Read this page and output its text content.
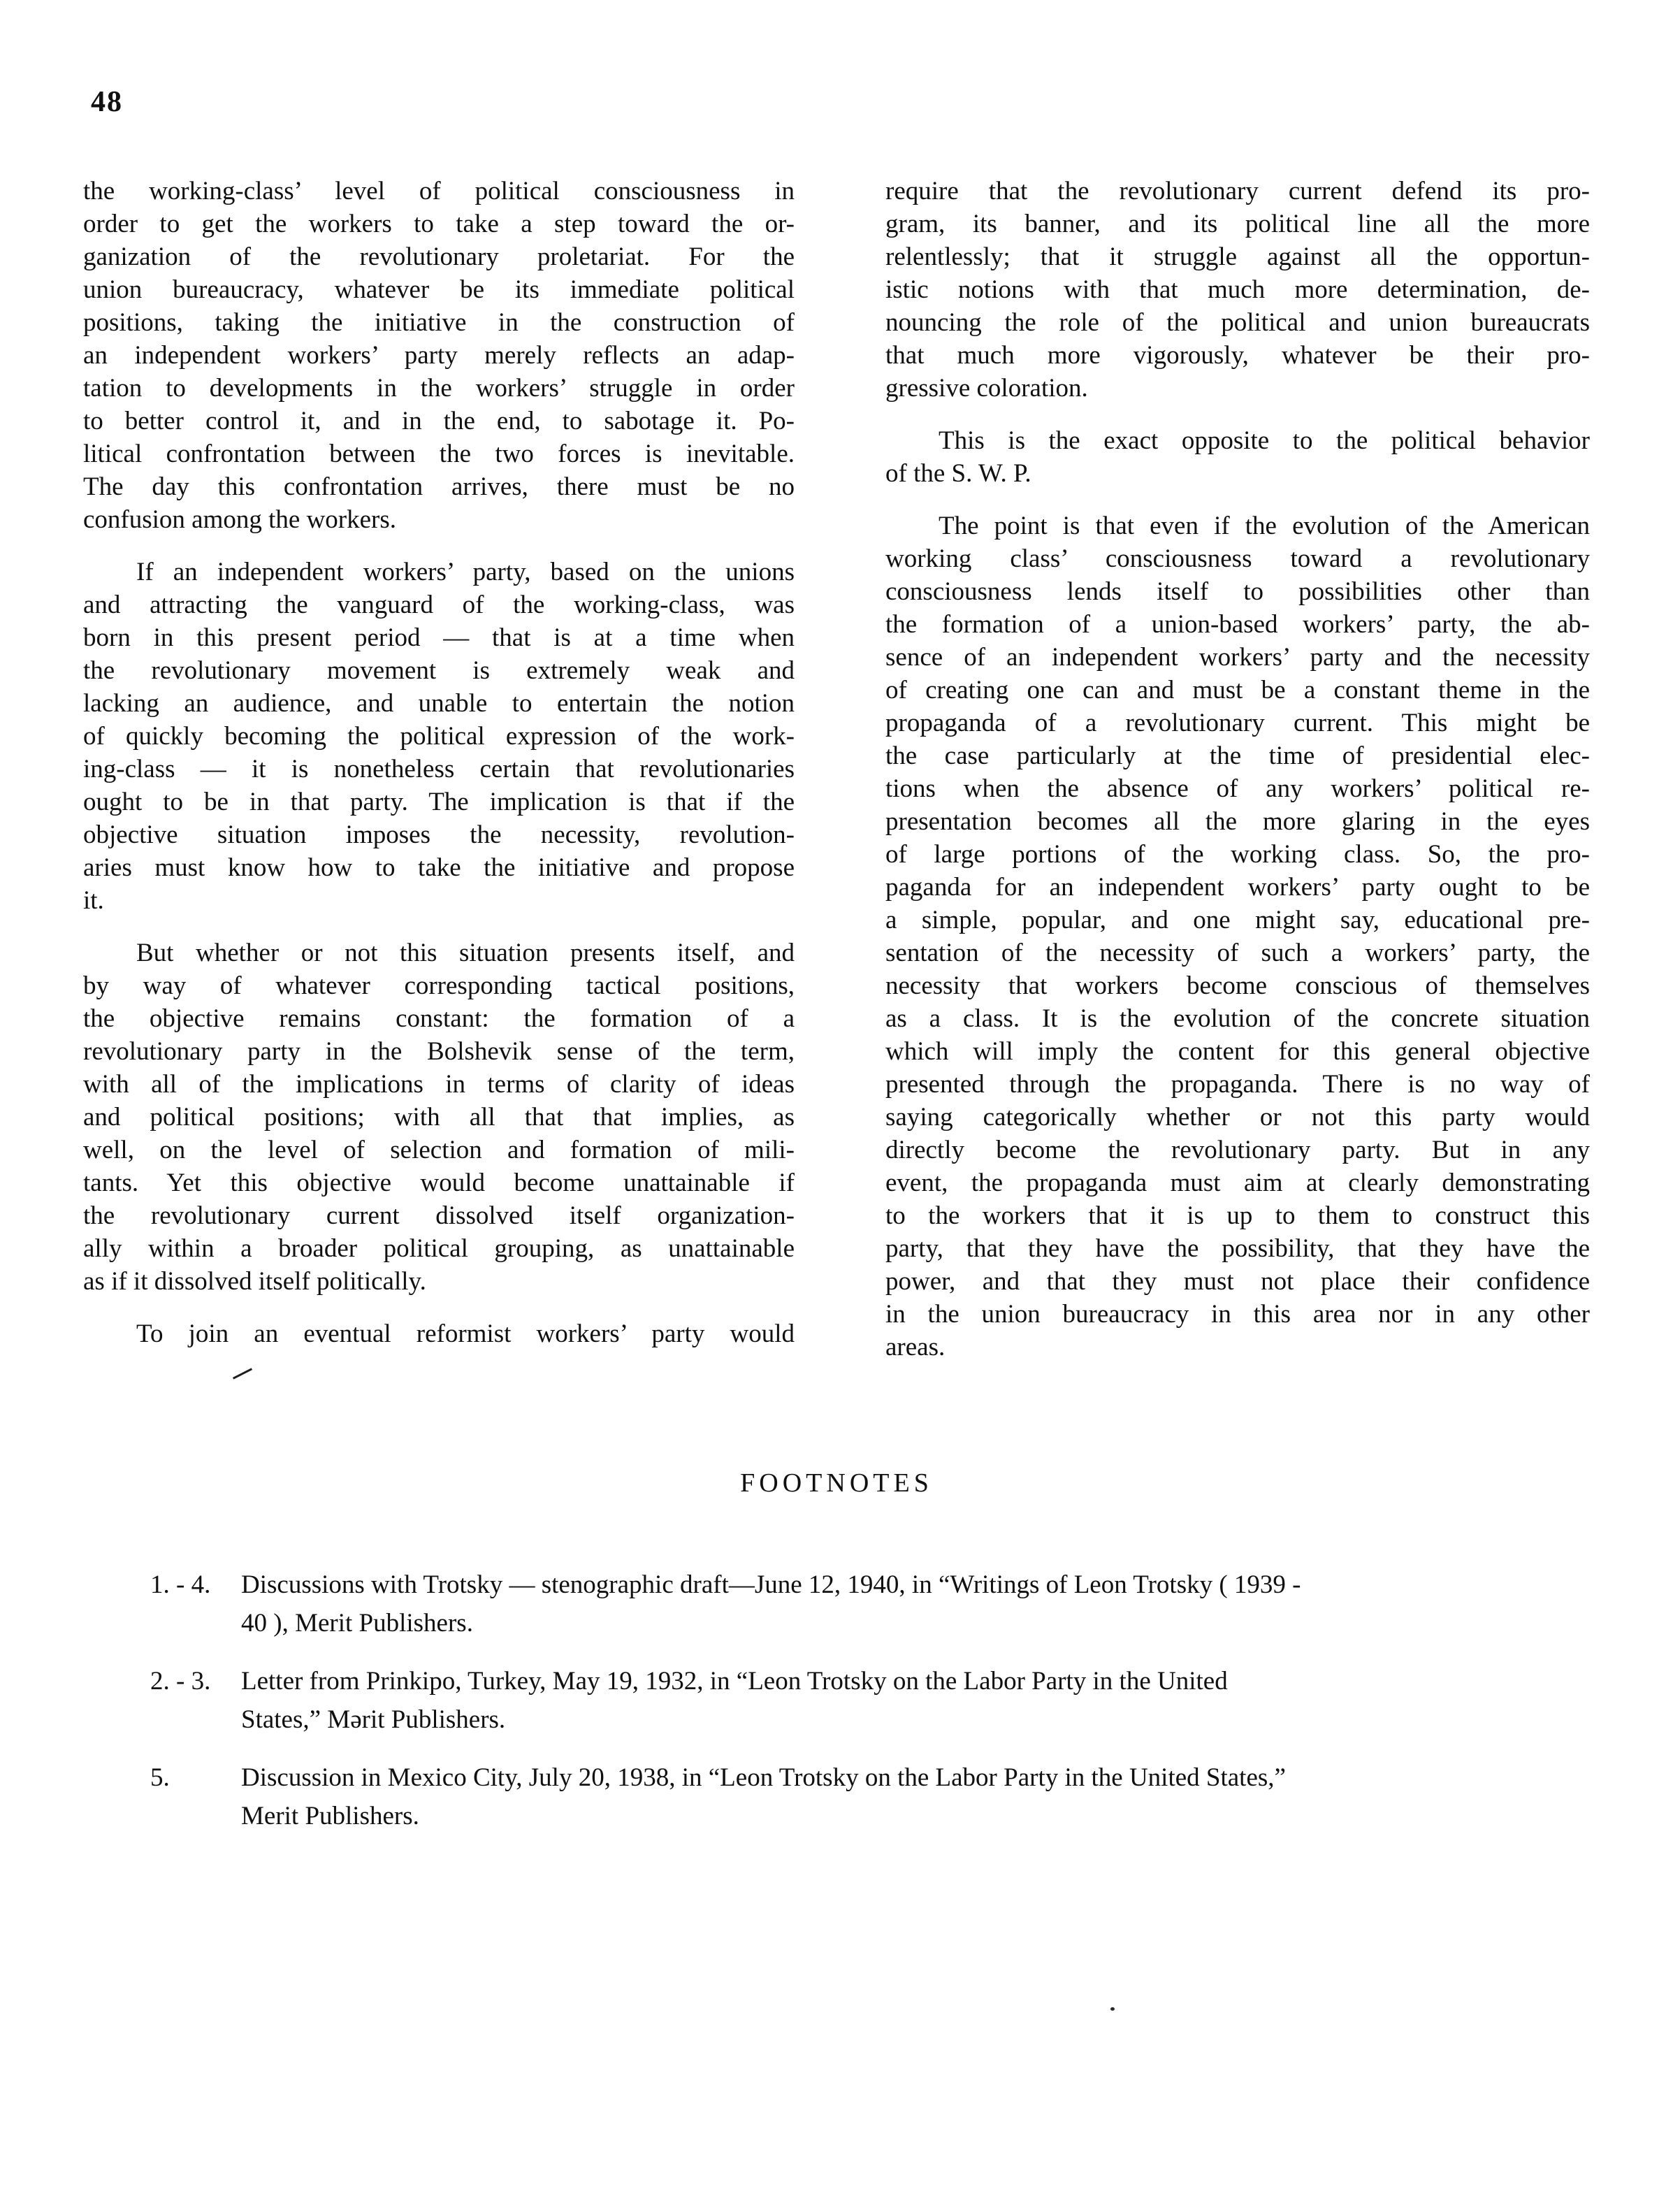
48
the working-class’ level of political consciousness in
order to get the workers to take a step toward the or-
ganization of the revolutionary proletariat. For the
union bureaucracy, whatever be its immediate political
positions, taking the initiative in the construction of
an independent workers’ party merely reflects an adap-
tation to developments in the workers’ struggle in order
to better control it, and in the end, to sabotage it. Po-
litical confrontation between the two forces is inevitable.
The day this confrontation arrives, there must be no
confusion among the workers.
If an independent workers’ party, based on the unions
and attracting the vanguard of the working-class, was
born in this present period — that is at a time when
the revolutionary movement is extremely weak and
lacking an audience, and unable to entertain the notion
of quickly becoming the political expression of the work-
ing-class — it is nonetheless certain that revolutionaries
ought to be in that party. The implication is that if the
objective situation imposes the necessity, revolution-
aries must know how to take the initiative and propose
it.
But whether or not this situation presents itself, and
by way of whatever corresponding tactical positions,
the objective remains constant: the formation of a
revolutionary party in the Bolshevik sense of the term,
with all of the implications in terms of clarity of ideas
and political positions; with all that that implies, as
well, on the level of selection and formation of mili-
tants. Yet this objective would become unattainable if
the revolutionary current dissolved itself organization-
ally within a broader political grouping, as unattainable
as if it dissolved itself politically.
To join an eventual reformist workers’ party would
require that the revolutionary current defend its pro-
gram, its banner, and its political line all the more
relentlessly; that it struggle against all the opportun-
istic notions with that much more determination, de-
nouncing the role of the political and union bureaucrats
that much more vigorously, whatever be their pro-
gressive coloration.
This is the exact opposite to the political behavior
of the S. W. P.
The point is that even if the evolution of the American
working class’ consciousness toward a revolutionary
consciousness lends itself to possibilities other than
the formation of a union-based workers’ party, the ab-
sence of an independent workers’ party and the necessity
of creating one can and must be a constant theme in the
propaganda of a revolutionary current. This might be
the case particularly at the time of presidential elec-
tions when the absence of any workers’ political re-
presentation becomes all the more glaring in the eyes
of large portions of the working class. So, the pro-
paganda for an independent workers’ party ought to be
a simple, popular, and one might say, educational pre-
sentation of the necessity of such a workers’ party, the
necessity that workers become conscious of themselves
as a class. It is the evolution of the concrete situation
which will imply the content for this general objective
presented through the propaganda. There is no way of
saying categorically whether or not this party would
directly become the revolutionary party. But in any
event, the propaganda must aim at clearly demonstrating
to the workers that it is up to them to construct this
party, that they have the possibility, that they have the
power, and that they must not place their confidence
in the union bureaucracy in this area nor in any other
areas.
FOOTNOTES
1. - 4.	Discussions with Trotsky — stenographic draft—June 12, 1940, in “Writings of Leon Trotsky ( 1939 -
40 ), Merit Publishers.
2. - 3.	Letter from Prinkipo, Turkey, May 19, 1932, in “Leon Trotsky on the Labor Party in the United
States,” Mərit Publishers.
5.	Discussion in Mexico City, July 20, 1938, in “Leon Trotsky on the Labor Party in the United States,”
Merit Publishers.
